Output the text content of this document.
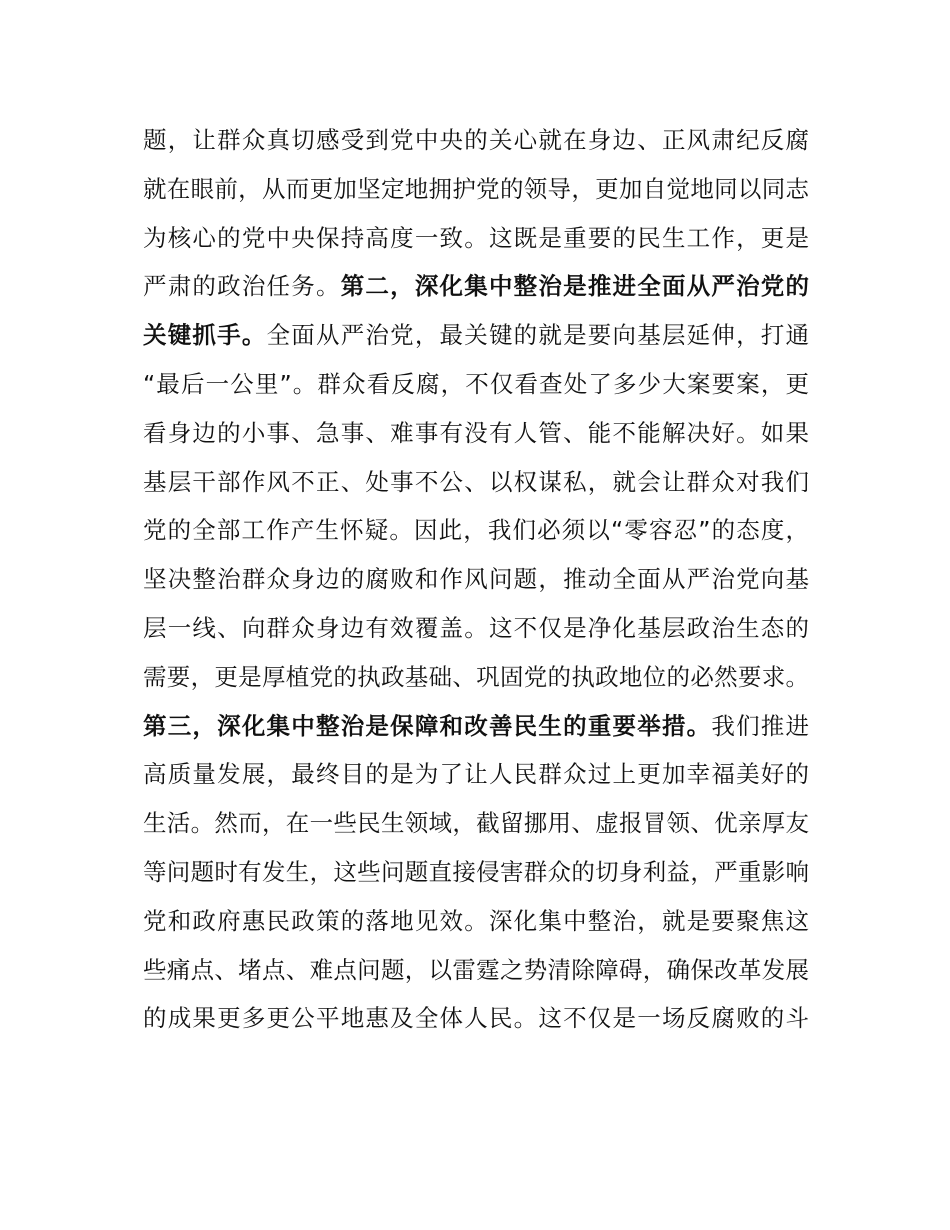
题，让群众真切感受到党中央的关心就在身边、正风肃纪反腐
就在眼前，从而更加坚定地拥护党的领导，更加自觉地同以同志
为核心的党中央保持高度一致。这既是重要的民生工作，更是
严肃的政治任务。第二，深化集中整治是推进全面从严治党的
关键抓手。全面从严治党，最关键的就是要向基层延伸，打通
“最后一公里”。群众看反腐，不仅看查处了多少大案要案，更
看身边的小事、急事、难事有没有人管、能不能解决好。如果
基层干部作风不正、处事不公、以权谋私，就会让群众对我们
党的全部工作产生怀疑。因此，我们必须以“零容忍”的态度，
坚决整治群众身边的腐败和作风问题，推动全面从严治党向基
层一线、向群众身边有效覆盖。这不仅是净化基层政治生态的
需要，更是厚植党的执政基础、巩固党的执政地位的必然要求。
第三，深化集中整治是保障和改善民生的重要举措。我们推进
高质量发展，最终目的是为了让人民群众过上更加幸福美好的
生活。然而，在一些民生领域，截留挪用、虚报冒领、优亲厚友
等问题时有发生，这些问题直接侵害群众的切身利益，严重影响
党和政府惠民政策的落地见效。深化集中整治，就是要聚焦这
些痛点、堵点、难点问题，以雷霆之势清除障碍，确保改革发展
的成果更多更公平地惠及全体人民。这不仅是一场反腐败的斗
